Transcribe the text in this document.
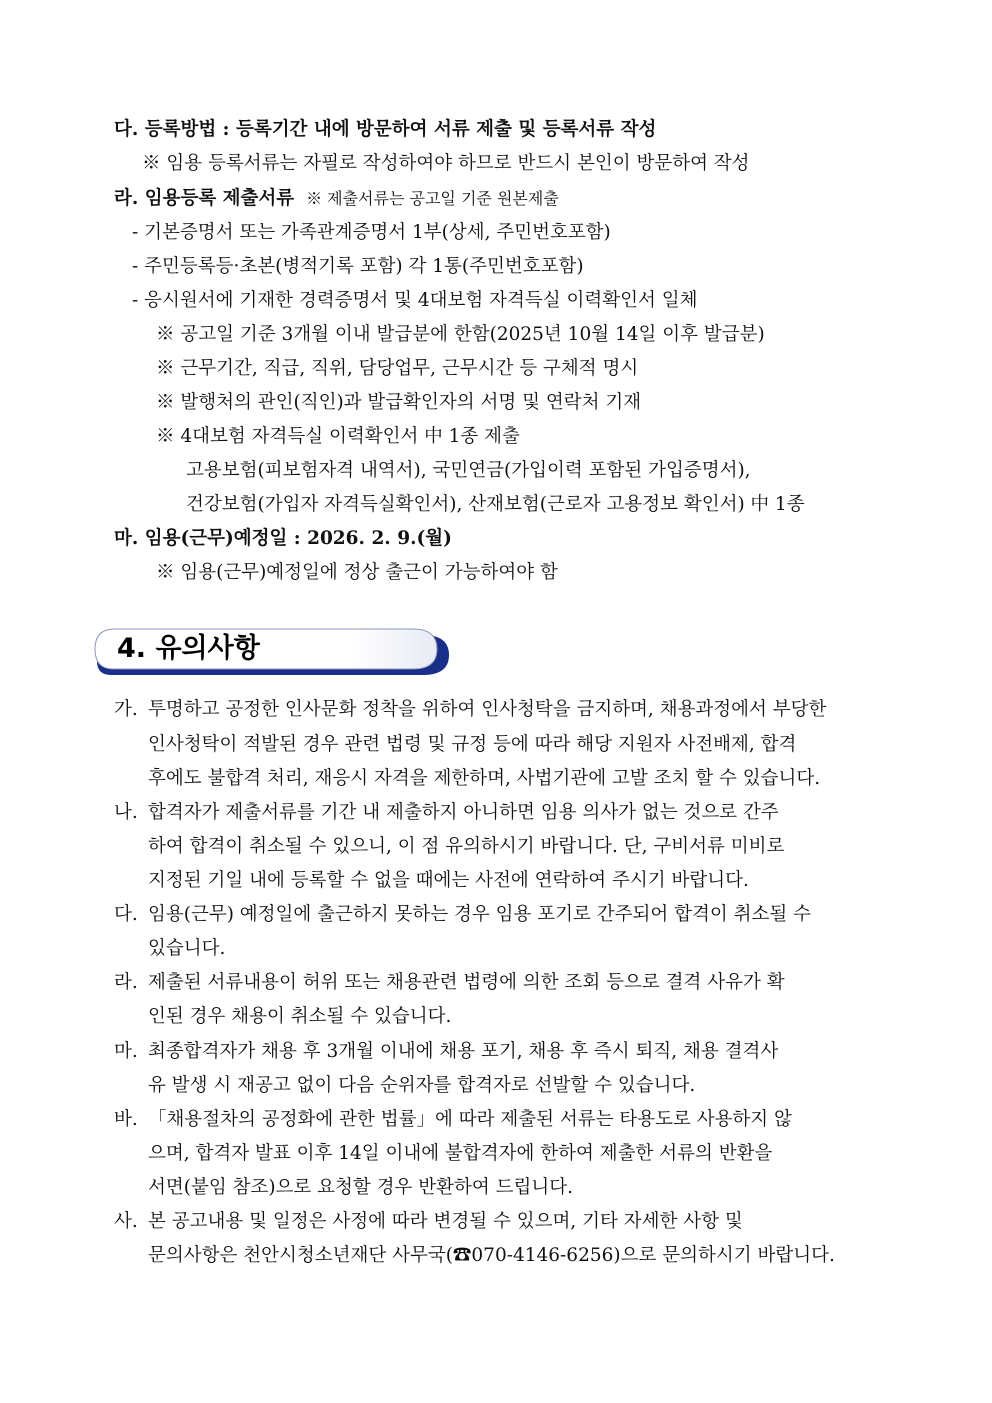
다. 등록방법 : 등록기간 내에 방문하여 서류 제출 및 등록서류 작성
※ 임용 등록서류는 자필로 작성하여야 하므로 반드시 본인이 방문하여 작성
라. 임용등록 제출서류 ※ 제출서류는 공고일 기준 원본제출
- 기본증명서 또는 가족관계증명서 1부(상세, 주민번호포함)
- 주민등록등·초본(병적기록 포함) 각 1통(주민번호포함)
- 응시원서에 기재한 경력증명서 및 4대보험 자격득실 이력확인서 일체
※ 공고일 기준 3개월 이내 발급분에 한함(2025년 10월 14일 이후 발급분)
※ 근무기간, 직급, 직위, 담당업무, 근무시간 등 구체적 명시
※ 발행처의 관인(직인)과 발급확인자의 서명 및 연락처 기재
※ 4대보험 자격득실 이력확인서 中 1종 제출
고용보험(피보험자격 내역서), 국민연금(가입이력 포함된 가입증명서),
건강보험(가입자 자격득실확인서), 산재보험(근로자 고용정보 확인서) 中 1종
마. 임용(근무)예정일 : 2026. 2. 9.(월)
※ 임용(근무)예정일에 정상 출근이 가능하여야 함
4. 유의사항
가. 투명하고 공정한 인사문화 정착을 위하여 인사청탁을 금지하며, 채용과정에서 부당한
인사청탁이 적발된 경우 관련 법령 및 규정 등에 따라 해당 지원자 사전배제, 합격
후에도 불합격 처리, 재응시 자격을 제한하며, 사법기관에 고발 조치 할 수 있습니다.
나. 합격자가 제출서류를 기간 내 제출하지 아니하면 임용 의사가 없는 것으로 간주
하여 합격이 취소될 수 있으니, 이 점 유의하시기 바랍니다. 단, 구비서류 미비로
지정된 기일 내에 등록할 수 없을 때에는 사전에 연락하여 주시기 바랍니다.
다. 임용(근무) 예정일에 출근하지 못하는 경우 임용 포기로 간주되어 합격이 취소될 수
있습니다.
라. 제출된 서류내용이 허위 또는 채용관련 법령에 의한 조회 등으로 결격 사유가 확
인된 경우 채용이 취소될 수 있습니다.
마. 최종합격자가 채용 후 3개월 이내에 채용 포기, 채용 후 즉시 퇴직, 채용 결격사
유 발생 시 재공고 없이 다음 순위자를 합격자로 선발할 수 있습니다.
바. 「채용절차의 공정화에 관한 법률」에 따라 제출된 서류는 타용도로 사용하지 않
으며, 합격자 발표 이후 14일 이내에 불합격자에 한하여 제출한 서류의 반환을
서면(붙임 참조)으로 요청할 경우 반환하여 드립니다.
사. 본 공고내용 및 일정은 사정에 따라 변경될 수 있으며, 기타 자세한 사항 및
문의사항은 천안시청소년재단 사무국(☎070-4146-6256)으로 문의하시기 바랍니다.
